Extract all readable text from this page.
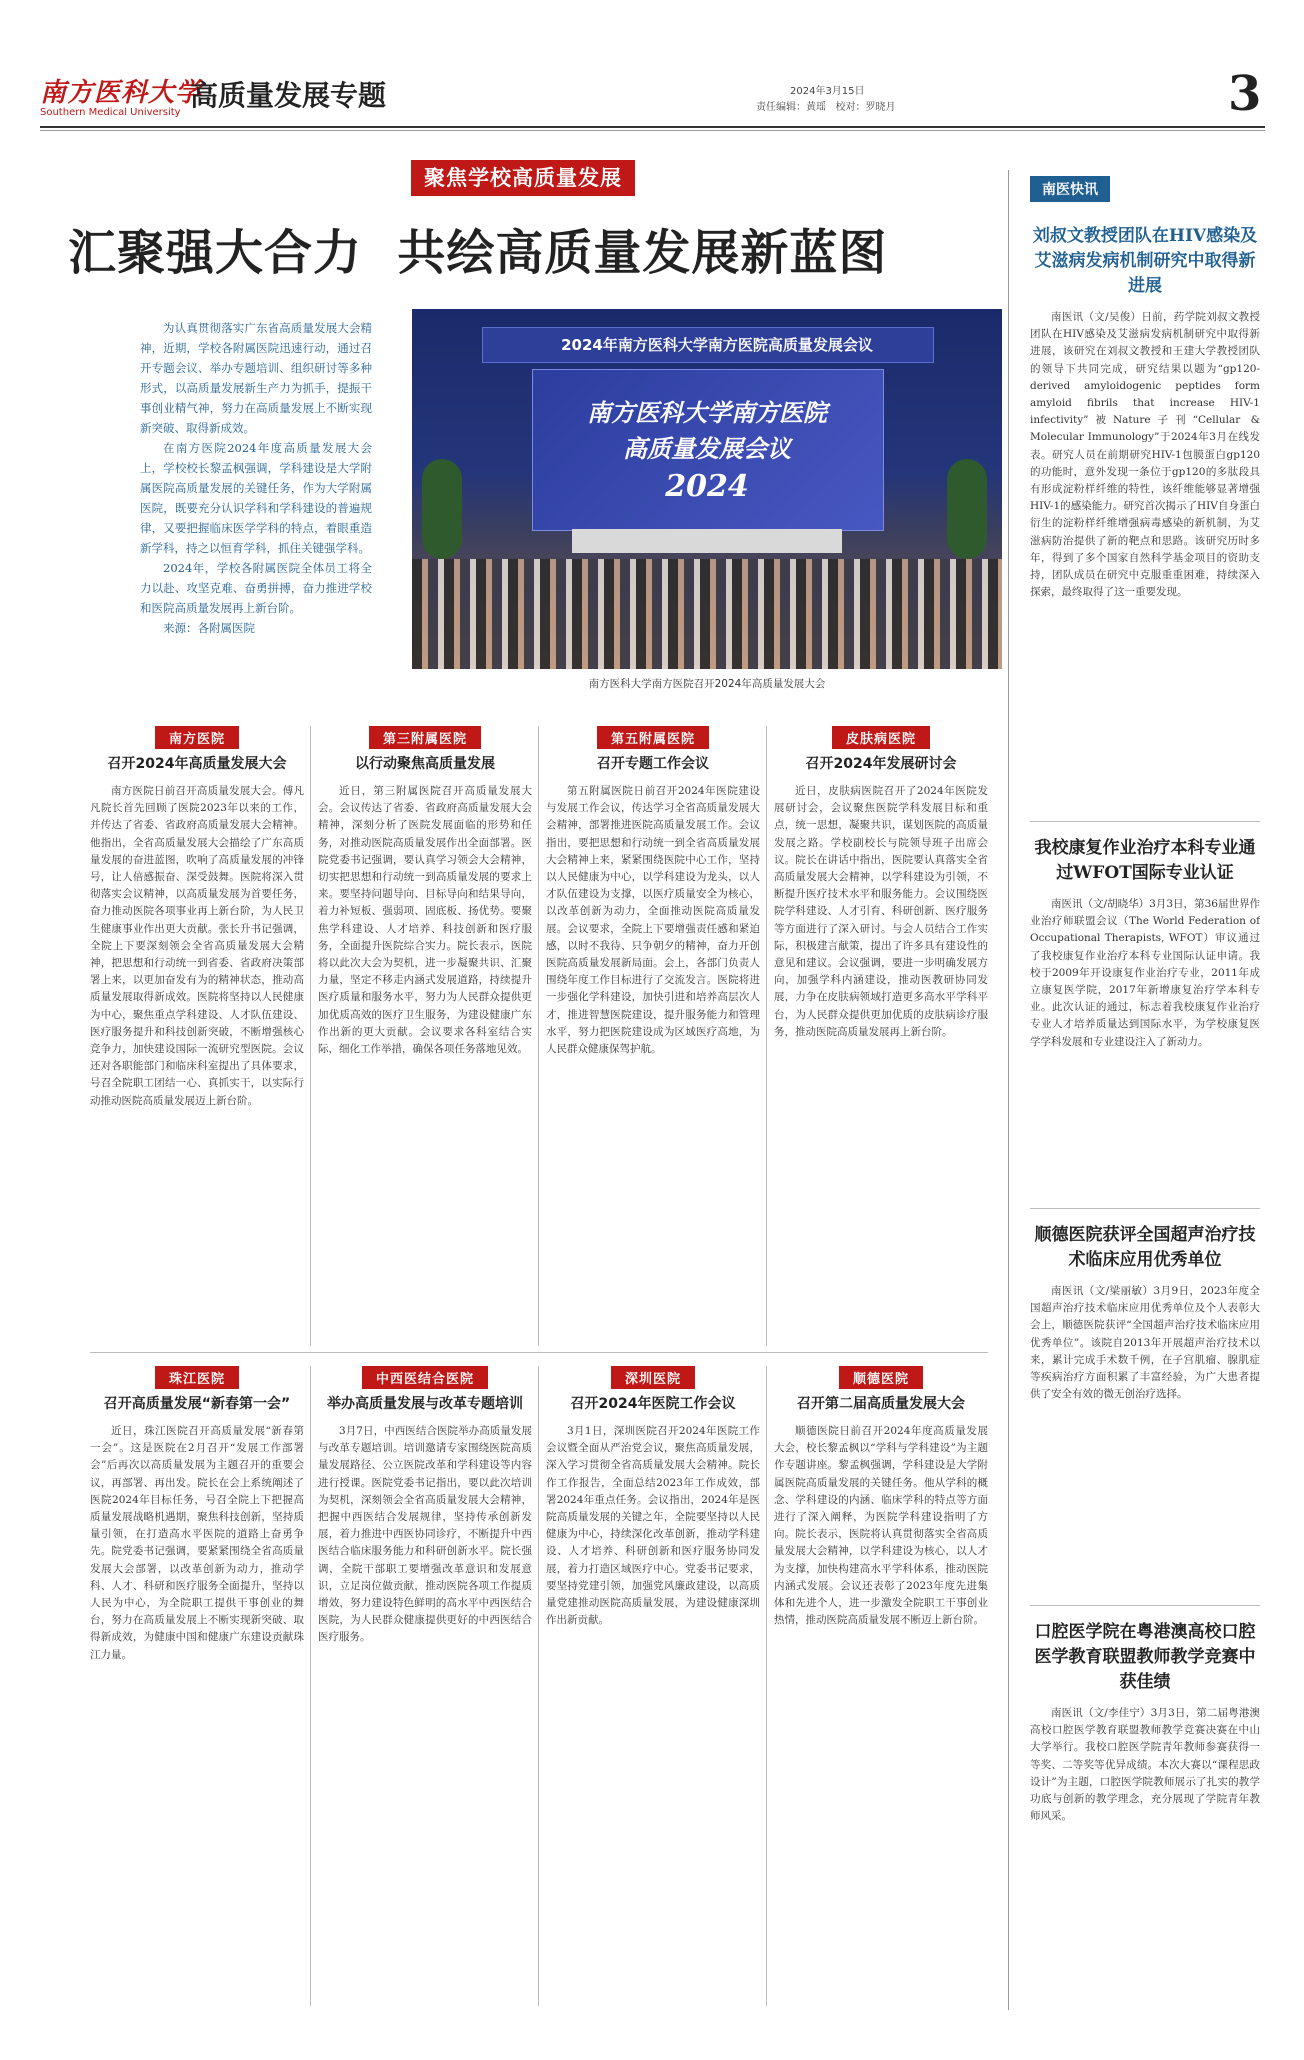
南方医科大学
Southern Medical University
高质量发展专题	2024年3月15日
责任编辑：黄瑶 校对：罗晓月	3
聚焦学校高质量发展
汇聚强大合力  共绘高质量发展新蓝图

为认真贯彻落实广东省高质量发展大会精神，近期，学校各附属医院迅速行动，通过召开专题会议、举办专题培训、组织研讨等多种形式，以高质量发展新生产力为抓手，提振干事创业精气神，努力在高质量发展上不断实现新突破、取得新成效。

在南方医院2024年度高质量发展大会上，学校校长黎孟枫强调，学科建设是大学附属医院高质量发展的关键任务，作为大学附属医院，既要充分认识学科和学科建设的普遍规律，又要把握临床医学学科的特点，着眼重造新学科，持之以恒育学科，抓住关键强学科。

2024年，学校各附属医院全体员工将全力以赴、攻坚克难、奋勇拼搏，奋力推进学校和医院高质量发展再上新台阶。

来源：各附属医院

2024年南方医科大学南方医院高质量发展会议
南方医科大学南方医院
高质量发展会议
2024
南方医科大学南方医院召开2024年高质量发展大会
南方医院
召开2024年高质量发展大会

南方医院日前召开高质量发展大会。傅凡凡院长首先回顾了医院2023年以来的工作，并传达了省委、省政府高质量发展大会精神。他指出，全省高质量发展大会描绘了广东高质量发展的奋进蓝图，吹响了高质量发展的冲锋号，让人倍感振奋、深受鼓舞。医院将深入贯彻落实会议精神，以高质量发展为首要任务，奋力推动医院各项事业再上新台阶，为人民卫生健康事业作出更大贡献。张长升书记强调，全院上下要深刻领会全省高质量发展大会精神，把思想和行动统一到省委、省政府决策部署上来，以更加奋发有为的精神状态，推动高质量发展取得新成效。医院将坚持以人民健康为中心，聚焦重点学科建设、人才队伍建设、医疗服务提升和科技创新突破，不断增强核心竞争力，加快建设国际一流研究型医院。会议还对各职能部门和临床科室提出了具体要求，号召全院职工团结一心、真抓实干，以实际行动推动医院高质量发展迈上新台阶。

第三附属医院
以行动聚焦高质量发展

近日，第三附属医院召开高质量发展大会。会议传达了省委、省政府高质量发展大会精神，深刻分析了医院发展面临的形势和任务，对推动医院高质量发展作出全面部署。医院党委书记强调，要认真学习领会大会精神，切实把思想和行动统一到高质量发展的要求上来。要坚持问题导向、目标导向和结果导向，着力补短板、强弱项、固底板、扬优势。要聚焦学科建设、人才培养、科技创新和医疗服务，全面提升医院综合实力。院长表示，医院将以此次大会为契机，进一步凝聚共识、汇聚力量，坚定不移走内涵式发展道路，持续提升医疗质量和服务水平，努力为人民群众提供更加优质高效的医疗卫生服务，为建设健康广东作出新的更大贡献。会议要求各科室结合实际，细化工作举措，确保各项任务落地见效。

第五附属医院
召开专题工作会议

第五附属医院日前召开2024年医院建设与发展工作会议，传达学习全省高质量发展大会精神，部署推进医院高质量发展工作。会议指出，要把思想和行动统一到全省高质量发展大会精神上来，紧紧围绕医院中心工作，坚持以人民健康为中心，以学科建设为龙头，以人才队伍建设为支撑，以医疗质量安全为核心，以改革创新为动力，全面推动医院高质量发展。会议要求，全院上下要增强责任感和紧迫感，以时不我待、只争朝夕的精神，奋力开创医院高质量发展新局面。会上，各部门负责人围绕年度工作目标进行了交流发言。医院将进一步强化学科建设，加快引进和培养高层次人才，推进智慧医院建设，提升服务能力和管理水平，努力把医院建设成为区域医疗高地，为人民群众健康保驾护航。

皮肤病医院
召开2024年发展研讨会

近日，皮肤病医院召开了2024年医院发展研讨会，会议聚焦医院学科发展目标和重点，统一思想，凝聚共识，谋划医院的高质量发展之路。学校副校长与院领导班子出席会议。院长在讲话中指出，医院要认真落实全省高质量发展大会精神，以学科建设为引领，不断提升医疗技术水平和服务能力。会议围绕医院学科建设、人才引育、科研创新、医疗服务等方面进行了深入研讨。与会人员结合工作实际，积极建言献策，提出了许多具有建设性的意见和建议。会议强调，要进一步明确发展方向，加强学科内涵建设，推动医教研协同发展，力争在皮肤病领域打造更多高水平学科平台，为人民群众提供更加优质的皮肤病诊疗服务，推动医院高质量发展再上新台阶。

珠江医院
召开高质量发展“新春第一会”

近日，珠江医院召开高质量发展“新春第一会”。这是医院在2月召开“发展工作部署会”后再次以高质量发展为主题召开的重要会议，再部署、再出发。院长在会上系统阐述了医院2024年目标任务，号召全院上下把握高质量发展战略机遇期，聚焦科技创新，坚持质量引领，在打造高水平医院的道路上奋勇争先。院党委书记强调，要紧紧围绕全省高质量发展大会部署，以改革创新为动力，推动学科、人才、科研和医疗服务全面提升，坚持以人民为中心，为全院职工提供干事创业的舞台，努力在高质量发展上不断实现新突破、取得新成效，为健康中国和健康广东建设贡献珠江力量。

中西医结合医院
举办高质量发展与改革专题培训

3月7日，中西医结合医院举办高质量发展与改革专题培训。培训邀请专家围绕医院高质量发展路径、公立医院改革和学科建设等内容进行授课。医院党委书记指出，要以此次培训为契机，深刻领会全省高质量发展大会精神，把握中西医结合发展规律，坚持传承创新发展，着力推进中西医协同诊疗，不断提升中西医结合临床服务能力和科研创新水平。院长强调，全院干部职工要增强改革意识和发展意识，立足岗位做贡献，推动医院各项工作提质增效，努力建设特色鲜明的高水平中西医结合医院，为人民群众健康提供更好的中西医结合医疗服务。

深圳医院
召开2024年医院工作会议

3月1日，深圳医院召开2024年医院工作会议暨全面从严治党会议，聚焦高质量发展，深入学习贯彻全省高质量发展大会精神。院长作工作报告，全面总结2023年工作成效，部署2024年重点任务。会议指出，2024年是医院高质量发展的关键之年，全院要坚持以人民健康为中心，持续深化改革创新，推动学科建设、人才培养、科研创新和医疗服务协同发展，着力打造区域医疗中心。党委书记要求，要坚持党建引领，加强党风廉政建设，以高质量党建推动医院高质量发展，为建设健康深圳作出新贡献。

顺德医院
召开第二届高质量发展大会

顺德医院日前召开2024年度高质量发展大会，校长黎孟枫以“学科与学科建设”为主题作专题讲座。黎孟枫强调，学科建设是大学附属医院高质量发展的关键任务。他从学科的概念、学科建设的内涵、临床学科的特点等方面进行了深入阐释，为医院学科建设指明了方向。院长表示，医院将认真贯彻落实全省高质量发展大会精神，以学科建设为核心，以人才为支撑，加快构建高水平学科体系，推动医院内涵式发展。会议还表彰了2023年度先进集体和先进个人，进一步激发全院职工干事创业热情，推动医院高质量发展不断迈上新台阶。

南医快讯
刘叔文教授团队在HIV感染及艾滋病发病机制研究中取得新进展

南医讯（文/吴俊）日前，药学院刘叔文教授团队在HIV感染及艾滋病发病机制研究中取得新进展，该研究在刘叔文教授和王建大学教授团队的领导下共同完成，研究结果以题为“gp120-derived amyloidogenic peptides form amyloid fibrils that increase HIV-1 infectivity”被Nature子刊“Cellular & Molecular Immunology”于2024年3月在线发表。研究人员在前期研究HIV-1包膜蛋白gp120的功能时，意外发现一条位于gp120的多肽段具有形成淀粉样纤维的特性，该纤维能够显著增强HIV-1的感染能力。研究首次揭示了HIV自身蛋白衍生的淀粉样纤维增强病毒感染的新机制，为艾滋病防治提供了新的靶点和思路。该研究历时多年，得到了多个国家自然科学基金项目的资助支持，团队成员在研究中克服重重困难，持续深入探索，最终取得了这一重要发现。

我校康复作业治疗本科专业通过WFOT国际专业认证

南医讯（文/胡晓华）3月3日，第36届世界作业治疗师联盟会议（The World Federation of Occupational Therapists, WFOT）审议通过了我校康复作业治疗本科专业国际认证申请。我校于2009年开设康复作业治疗专业，2011年成立康复医学院，2017年新增康复治疗学本科专业。此次认证的通过，标志着我校康复作业治疗专业人才培养质量达到国际水平，为学校康复医学学科发展和专业建设注入了新动力。

顺德医院获评全国超声治疗技术临床应用优秀单位

南医讯（文/梁丽敏）3月9日，2023年度全国超声治疗技术临床应用优秀单位及个人表彰大会上，顺德医院获评“全国超声治疗技术临床应用优秀单位”。该院自2013年开展超声治疗技术以来，累计完成手术数千例，在子宫肌瘤、腺肌症等疾病治疗方面积累了丰富经验，为广大患者提供了安全有效的微无创治疗选择。

口腔医学院在粤港澳高校口腔医学教育联盟教师教学竞赛中获佳绩

南医讯（文/李佳宁）3月3日，第二届粤港澳高校口腔医学教育联盟教师教学竞赛决赛在中山大学举行。我校口腔医学院青年教师参赛获得一等奖、二等奖等优异成绩。本次大赛以“课程思政设计”为主题，口腔医学院教师展示了扎实的教学功底与创新的教学理念，充分展现了学院青年教师风采。
